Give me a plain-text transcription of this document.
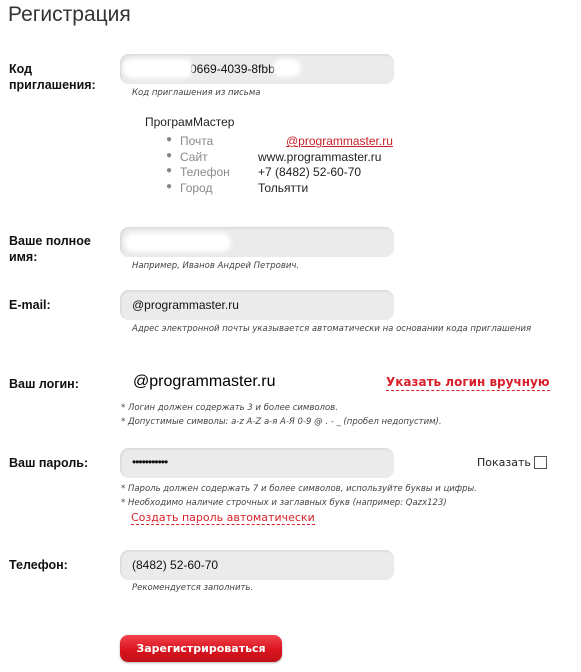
Регистрация
Код приглашения:
0669-4039-8fbb
Код приглашения из письма
ПрограмМастер
● Почта	@programmaster.ru
● Сайт	www.programmaster.ru
● Телефон +7 (8482) 52-60-70
● Город	Тольятти
Ваше полное имя:
Например, Иванов Андрей Петрович.
E-mail:	@programmaster.ru
Адрес электронной почты указывается автоматически на основании кода приглашения
Ваш логин:	@programmaster.ru	Указать логин вручную
* Логин должен содержать 3 и более символов.
* Допустимые символы: a-z A-Z а-я А-Я 0-9 @ . - _ (пробел недопустим).
Ваш пароль:	•••••••••••	Показать
* Пароль должен содержать 7 и более символов, используйте буквы и цифры.
* Необходимо наличие строчных и заглавных букв (например: Qazx123)
Создать пароль автоматически
Телефон:	(8482) 52-60-70
Рекомендуется заполнить.
Зарегистрироваться
